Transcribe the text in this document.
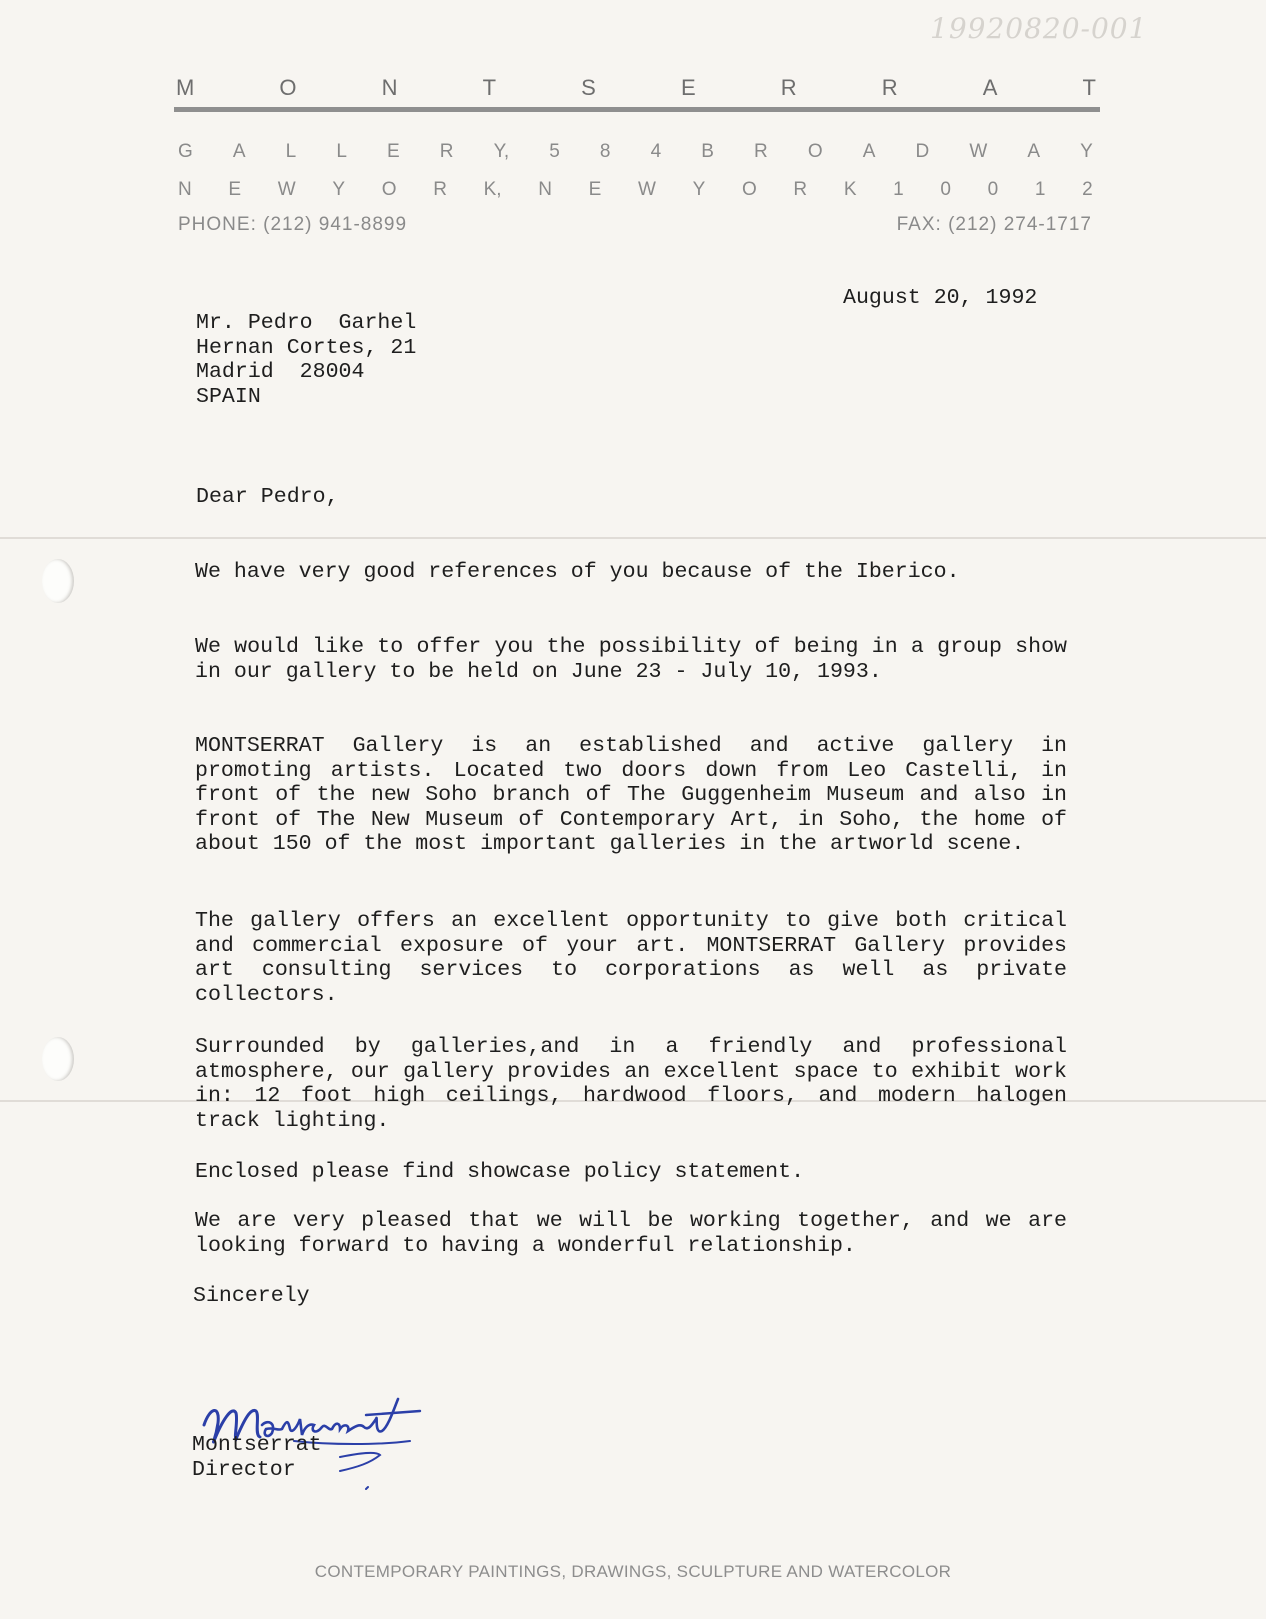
19920820-001
M	O	N	T	S	E	R	R	A	T
G A L L E R Y, 5 8 4 B R O A D W A Y
N E W Y O R K, N E W Y O R K 1 0 0 1 2
PHONE: (212) 941-8899	FAX: (212) 274-1717
August 20, 1992
Mr. Pedro  Garhel
Hernan Cortes, 21
Madrid  28004
SPAIN
Dear Pedro,

We have very good references of you because of the Iberico.

We would like to offer you the possibility of being in a group show in our gallery to be held on June 23 - July 10, 1993.

MONTSERRAT Gallery is an established and active gallery in promoting artists. Located two doors down from Leo Castelli, in front of the new Soho branch of The Guggenheim Museum and also in front of The New Museum of Contemporary Art, in Soho, the home of about 150 of the most important galleries in the artworld scene.

The gallery offers an excellent opportunity to give both critical and commercial exposure of your art. MONTSERRAT Gallery provides art consulting services to corporations as well as private collectors.

Surrounded by galleries,and in a friendly and professional atmosphere, our gallery provides an excellent space to exhibit work in: 12 foot high ceilings, hardwood floors, and modern halogen track lighting.

Enclosed please find showcase policy statement.

We are very pleased that we will be working together, and we are looking forward to having a wonderful relationship.

Sincerely
Montserrat
Director
CONTEMPORARY PAINTINGS, DRAWINGS, SCULPTURE AND WATERCOLOR
